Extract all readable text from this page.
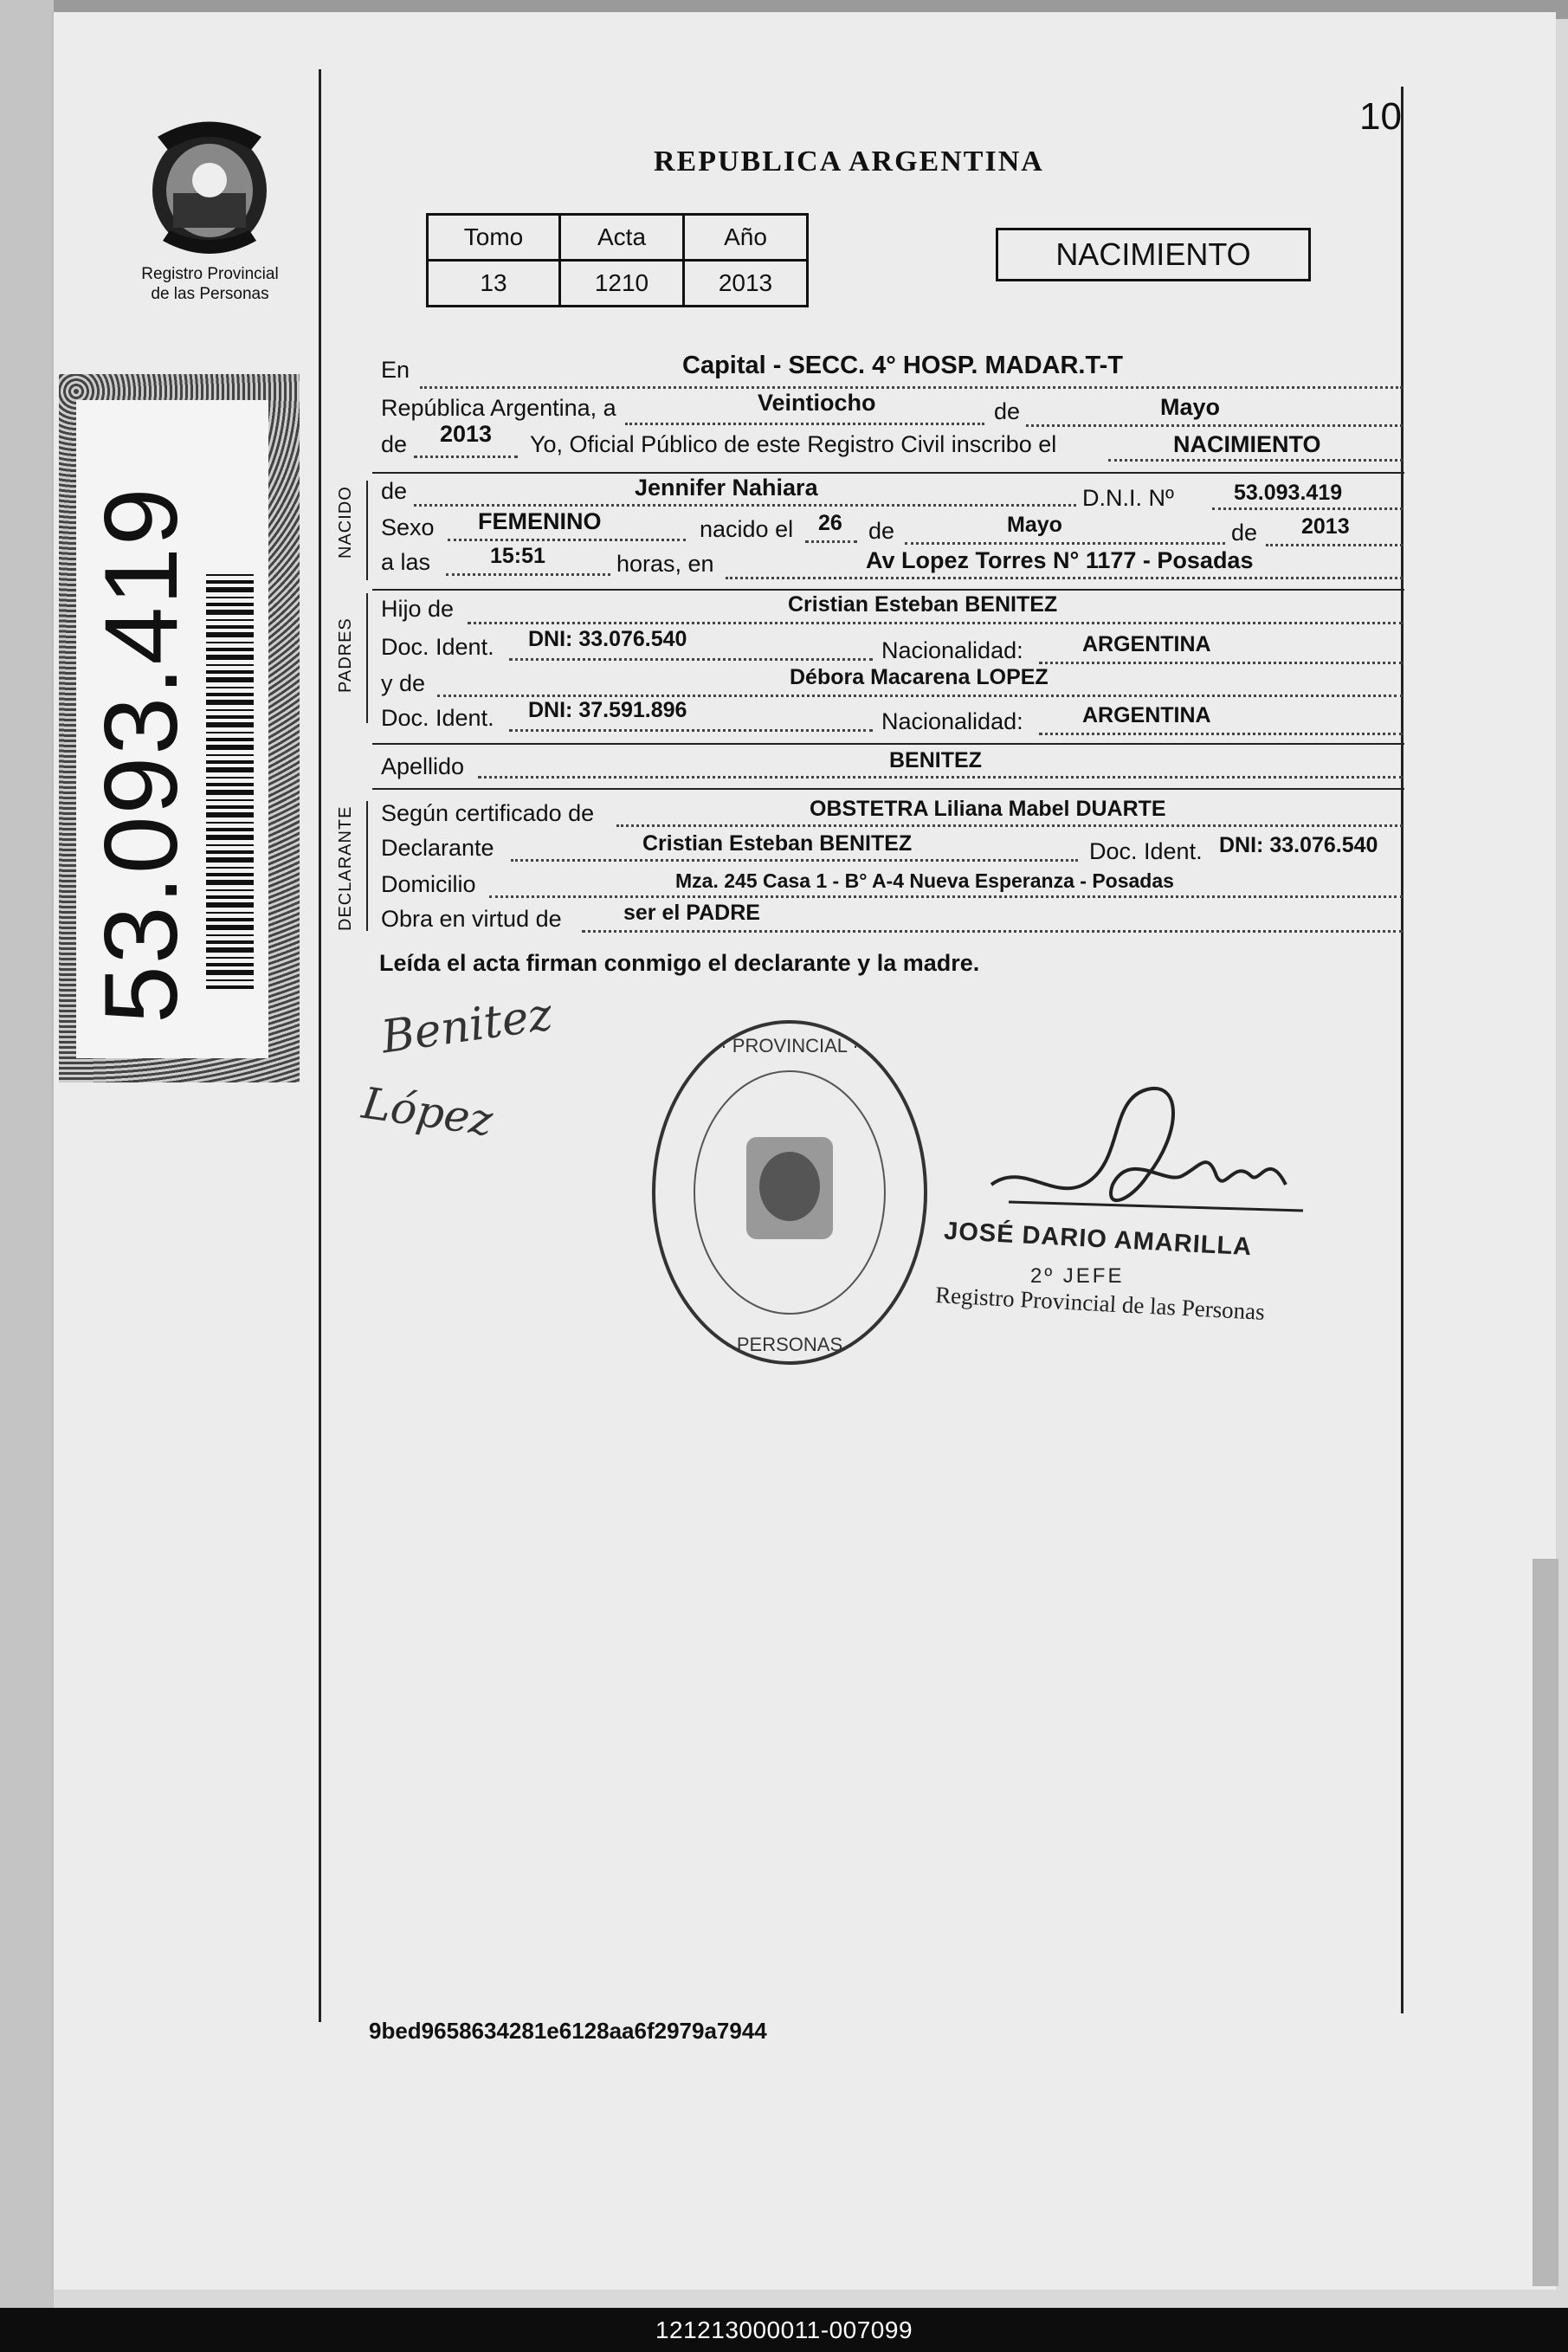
Registro Provincial
de las Personas
53.093.419
10
REPUBLICA ARGENTINA
Tomo	Acta	Año
13	1210	2013
NACIMIENTO
NACIDO
PADRES
DECLARANTE
En	Capital - SECC. 4° HOSP. MADAR.T-T
República Argentina, a	Veintiocho	de	Mayo
de 2013 Yo, Oficial Público de este Registro Civil inscribo el	NACIMIENTO
de	Jennifer Nahiara	D.N.I. Nº	53.093.419
Sexo FEMENINO	nacido el 26 de	Mayo	de 2013
a las	15:51	horas, en	Av Lopez Torres N° 1177 - Posadas
Hijo de	Cristian Esteban BENITEZ
Doc. Ident. DNI: 33.076.540	Nacionalidad:	ARGENTINA
y de	Débora Macarena LOPEZ
Doc. Ident. DNI: 37.591.896	Nacionalidad:	ARGENTINA
Apellido	BENITEZ
Según certificado de	OBSTETRA Liliana Mabel DUARTE
Declarante	Cristian Esteban BENITEZ	Doc. Ident. DNI: 33.076.540
Domicilio	Mza. 245 Casa 1 - B° A-4 Nueva Esperanza - Posadas
Obra en virtud de	ser el PADRE
Leída el acta firman conmigo el declarante y la madre.
Benitez
López
· PROVINCIAL ·
· PERSONAS ·
JOSÉ DARIO AMARILLA
2º JEFE
Registro Provincial de las Personas
9bed9658634281e6128aa6f2979a7944
121213000011-007099
